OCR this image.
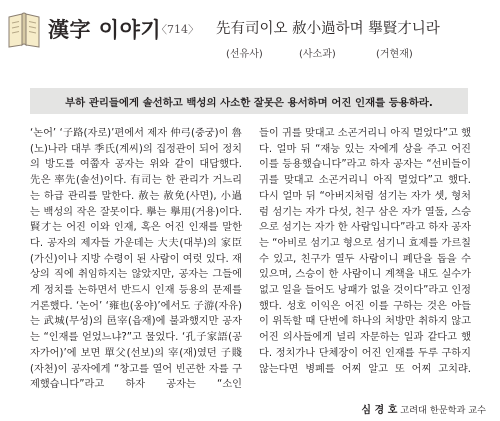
漢字 이야기
〈714〉 先有司이오 赦小過하며 擧賢才니라
(선유사)	(사소과)	(거현재)
부하 관리들에게 솔선하고 백성의 사소한 잘못은 용서하며 어진 인재를 등용하라.

‘논어’ ‘子路(자로)’편에서 제자 仲弓(중궁)이 魯(노)나라 대부 季氏(계씨)의 집정관이 되어 정치의 방도를 여쭙자 공자는 위와 같이 대답했다. 先은 率先(솔선)이다. 有司는 한 관리가 거느리는 하급 관리를 말한다. 赦는 赦免(사면), 小過는 백성의 작은 잘못이다. 擧는 擧用(거용)이다. 賢才는 어진 이와 인재, 혹은 어진 인재를 말한다. 공자의 제자들 가운데는 大夫(대부)의 家臣(가신)이나 지방 수령이 된 사람이 여럿 있다. 재상의 직에 취임하지는 않았지만, 공자는 그들에게 정치를 논하면서 반드시 인재 등용의 문제를 거론했다. ‘논어’ ‘雍也(옹야)’에서도 子游(자유)는 武城(무성)의 邑宰(읍재)에 불과했지만 공자는 “인재를 얻었느냐?”고 물었다. ‘孔子家語(공자가어)’에 보면 單父(선보)의 宰(재)였던 子賤(자천)이 공자에게 “창고를 열어 빈곤한 자를 구제했습니다”라고 하자 공자는 “소인

들이 귀를 맞대고 소곤거리니 아직 멀었다”고 했다. 얼마 뒤 “재능 있는 자에게 상을 주고 어진 이를 등용했습니다”라고 하자 공자는 “선비들이 귀를 맞대고 소곤거리니 아직 멀었다”고 했다. 다시 얼마 뒤 “아버지처럼 섬기는 자가 셋, 형처럼 섬기는 자가 다섯, 친구 삼은 자가 열둘, 스승으로 섬기는 자가 한 사람입니다”라고 하자 공자는 “아비로 섬기고 형으로 섬기니 효제를 가르칠 수 있고, 친구가 열두 사람이니 폐단을 돕을 수 있으며, 스승이 한 사람이니 계책을 내도 실수가 없고 일을 들어도 낭패가 없을 것이다”라고 인정했다. 성호 이익은 어진 이를 구하는 것은 아들이 위독할 때 단번에 하나의 처방만 취하지 않고 어진 의사들에게 널리 자문하는 일과 같다고 했다. 정치가나 단체장이 어진 인재를 두루 구하지 않는다면 병폐를 어찌 알고 또 어찌 고치랴.

심 경 호 고려대 한문학과 교수
